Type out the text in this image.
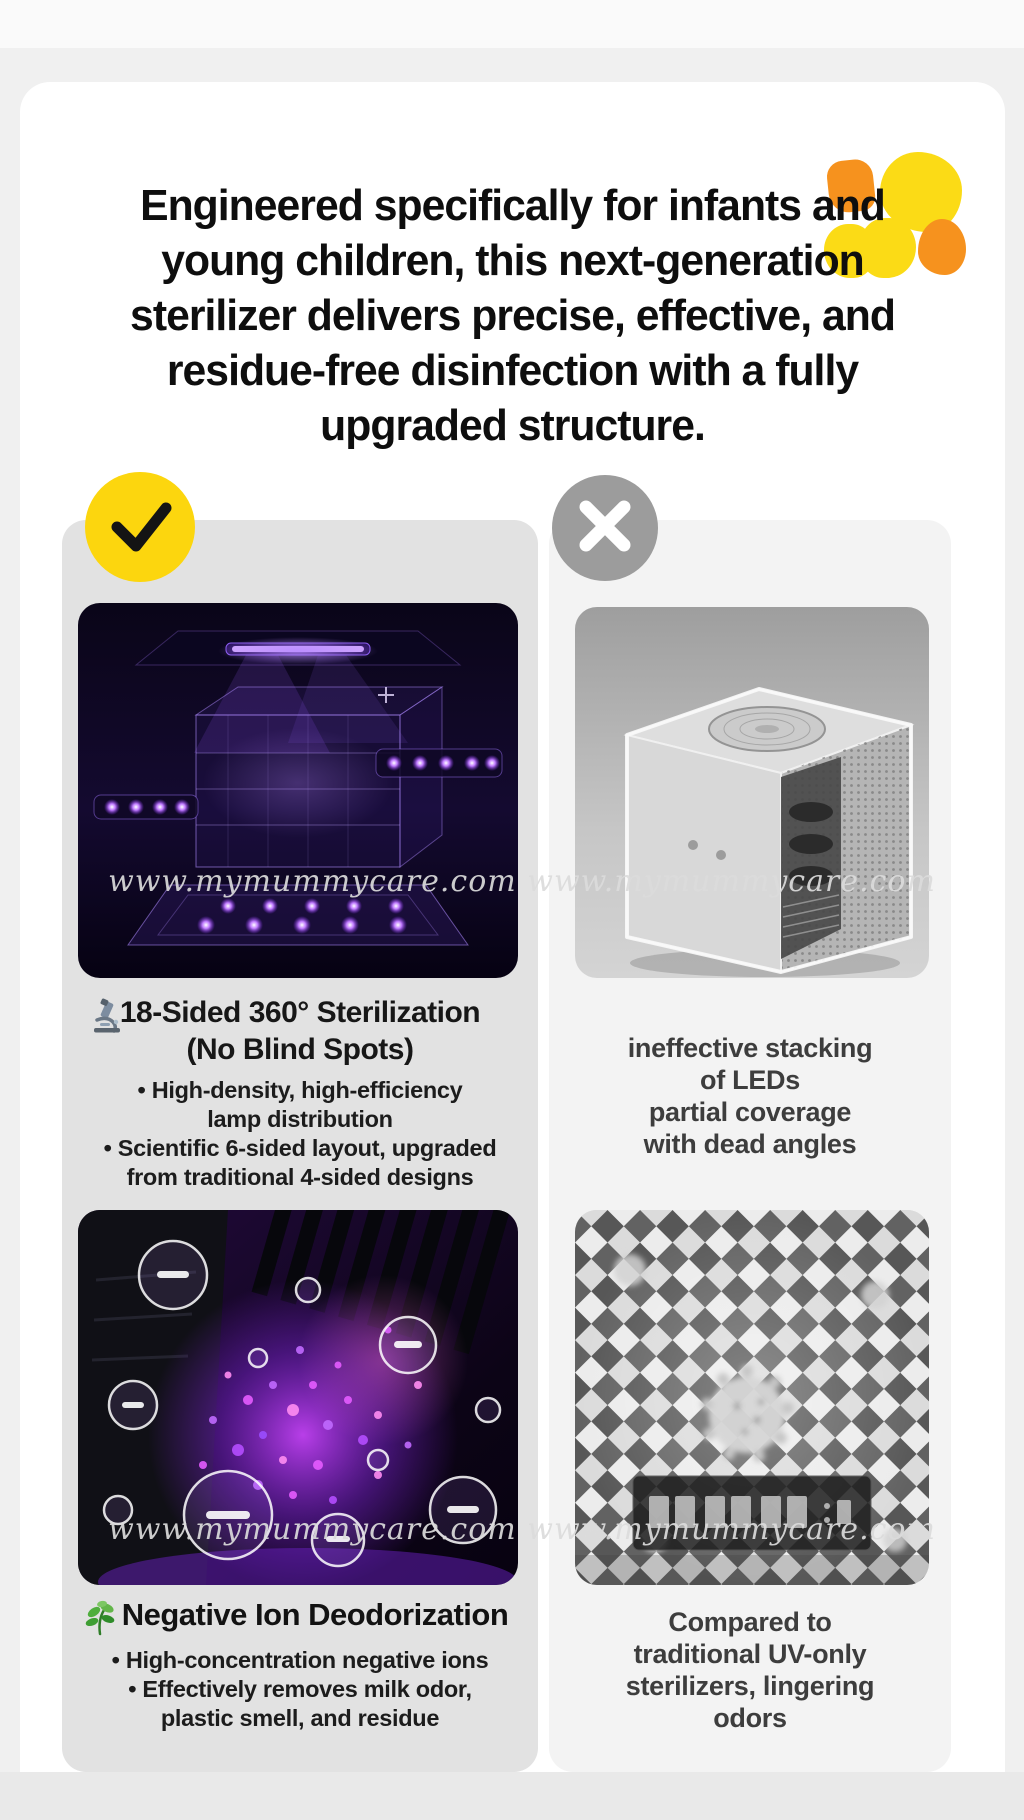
Engineered specifically for infants and
young children, this next-generation
sterilizer delivers precise, effective, and
residue-free disinfection with a fully
upgraded structure.
18-Sided 360° Sterilization
(No Blind Spots)
• High-density, high-efficiency
lamp distribution
• Scientific 6-sided layout, upgraded
from traditional 4-sided designs
Negative Ion Deodorization
• High-concentration negative ions
• Effectively removes milk odor,
plastic smell, and residue
ineffective stacking
of LEDs
partial coverage
with dead angles
Compared to
traditional UV-only
sterilizers, lingering
odors
www.mymummycare.com www.mymummycare.com
www.mymummycare.com www.mymummycare.com
